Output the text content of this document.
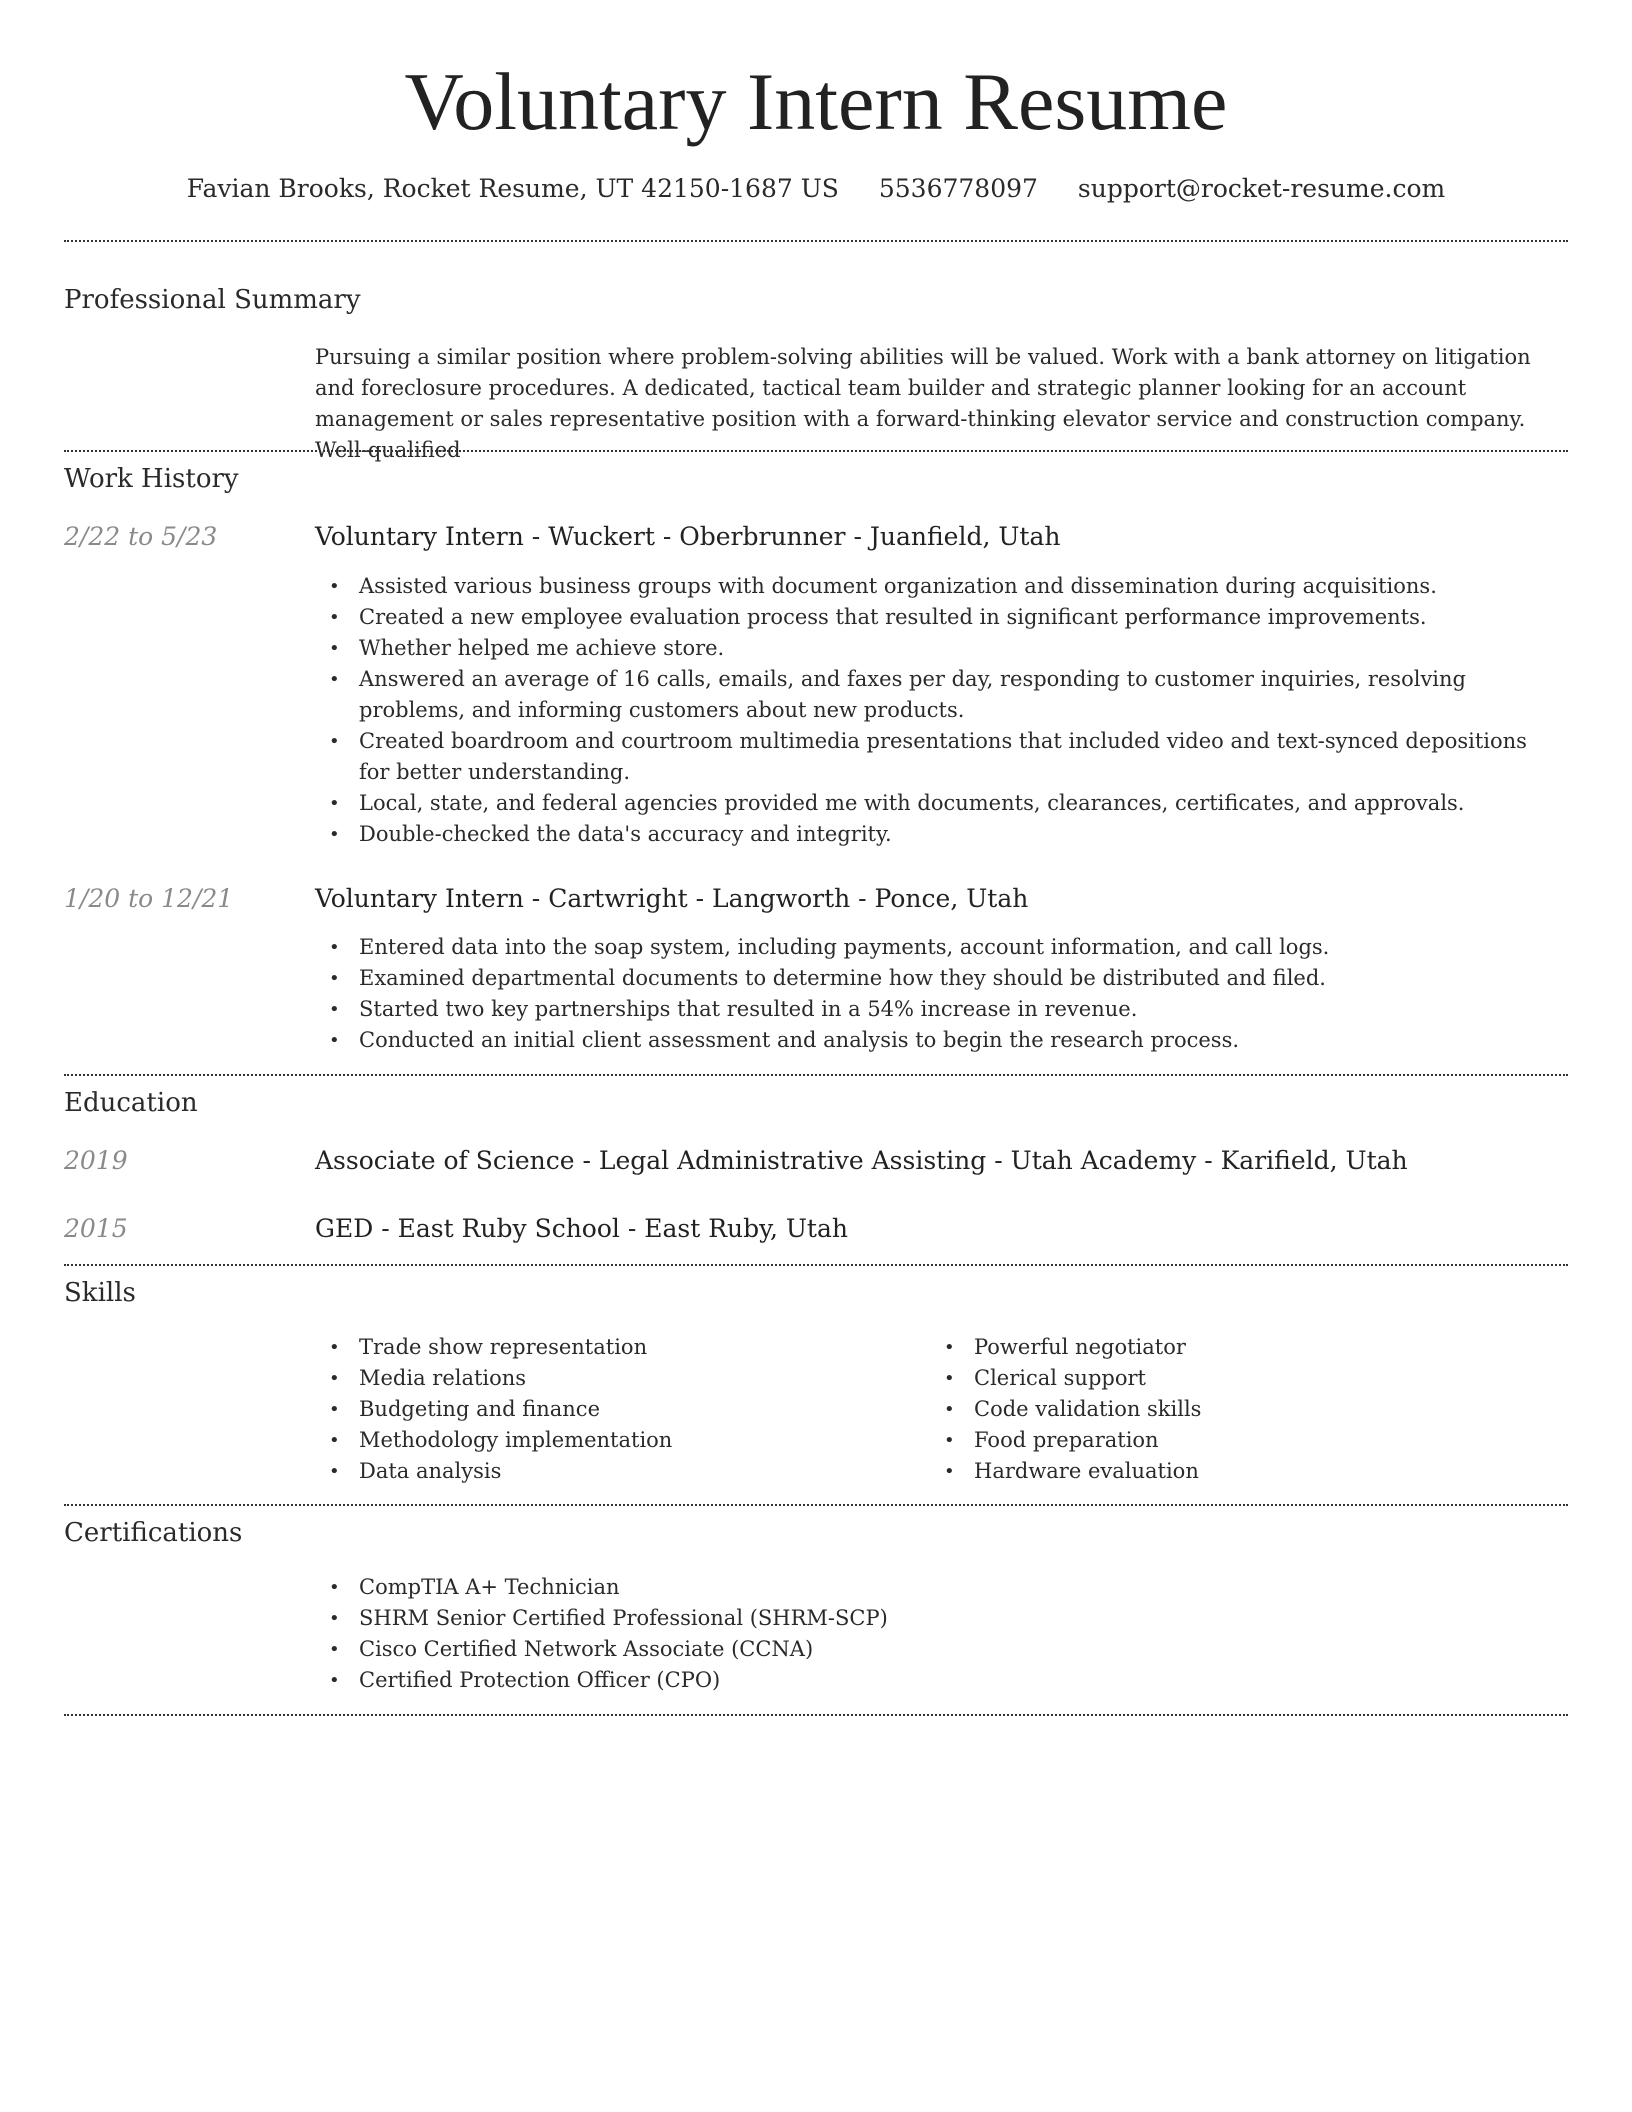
Voluntary Intern Resume
Favian Brooks, Rocket Resume, UT 42150-1687 US 5536778097 support@rocket-resume.com
Professional Summary
Pursuing a similar position where problem-solving abilities will be valued. Work with a bank attorney on litigation and foreclosure procedures. A dedicated, tactical team builder and strategic planner looking for an account management or sales representative position with a forward-thinking elevator service and construction company. Well-qualified
Work History
2/22 to 5/23	Voluntary Intern - Wuckert - Oberbrunner - Juanfield, Utah
• Assisted various business groups with document organization and dissemination during acquisitions.
• Created a new employee evaluation process that resulted in significant performance improvements.
• Whether helped me achieve store.
• Answered an average of 16 calls, emails, and faxes per day, responding to customer inquiries, resolving problems, and informing customers about new products.
• Created boardroom and courtroom multimedia presentations that included video and text-synced depositions for better understanding.
• Local, state, and federal agencies provided me with documents, clearances, certificates, and approvals.
• Double-checked the data's accuracy and integrity.
1/20 to 12/21	Voluntary Intern - Cartwright - Langworth - Ponce, Utah
• Entered data into the soap system, including payments, account information, and call logs.
• Examined departmental documents to determine how they should be distributed and filed.
• Started two key partnerships that resulted in a 54% increase in revenue.
• Conducted an initial client assessment and analysis to begin the research process.
Education
2019	Associate of Science - Legal Administrative Assisting - Utah Academy - Karifield, Utah
2015	GED - East Ruby School - East Ruby, Utah
Skills
• Trade show representation
• Media relations
• Budgeting and finance
• Methodology implementation
• Data analysis
• Powerful negotiator
• Clerical support
• Code validation skills
• Food preparation
• Hardware evaluation
Certifications
• CompTIA A+ Technician
• SHRM Senior Certified Professional (SHRM-SCP)
• Cisco Certified Network Associate (CCNA)
• Certified Protection Officer (CPO)
